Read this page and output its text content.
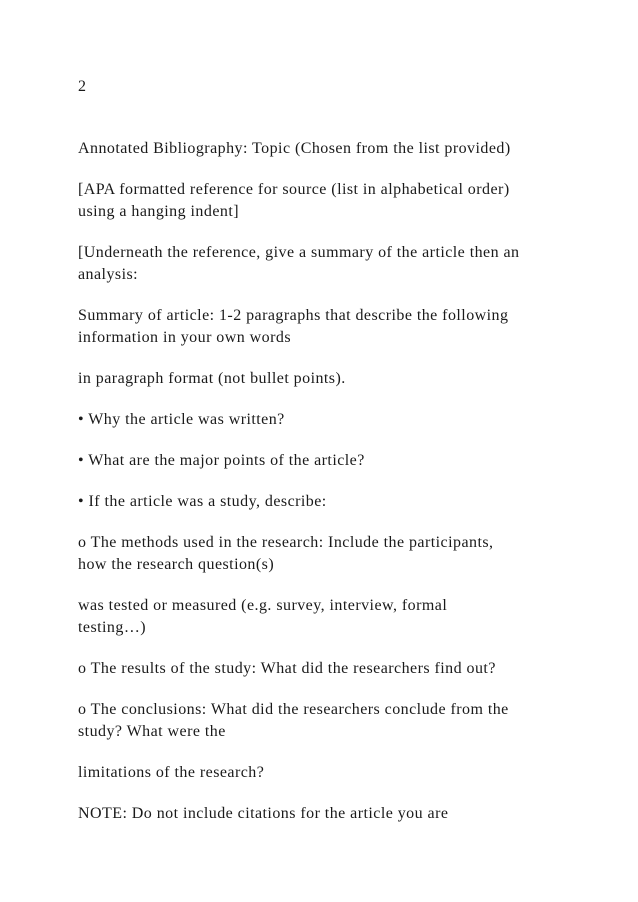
2

Annotated Bibliography: Topic (Chosen from the list provided)

[APA formatted reference for source (list in alphabetical order)
using a hanging indent]

[Underneath the reference, give a summary of the article then an
analysis:

Summary of article: 1-2 paragraphs that describe the following
information in your own words

in paragraph format (not bullet points).

• Why the article was written?

• What are the major points of the article?

• If the article was a study, describe:

o The methods used in the research: Include the participants,
how the research question(s)

was tested or measured (e.g. survey, interview, formal
testing…)

o The results of the study: What did the researchers find out?

o The conclusions: What did the researchers conclude from the
study? What were the

limitations of the research?

NOTE: Do not include citations for the article you are
